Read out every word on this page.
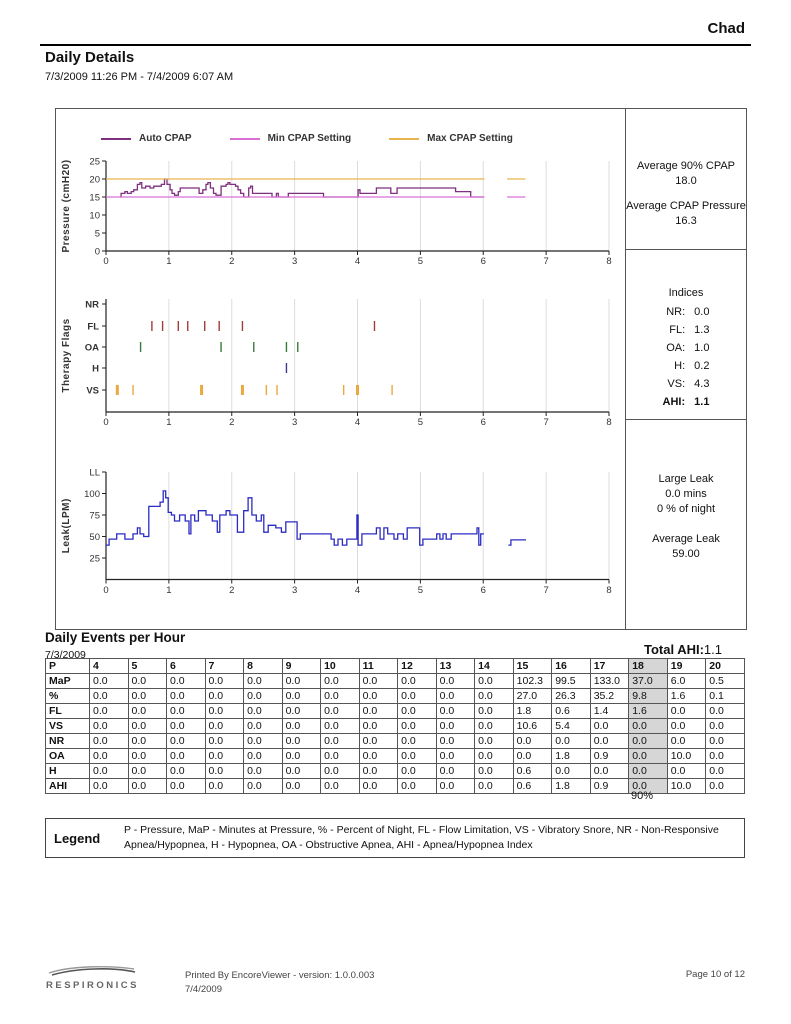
Chad
Daily Details
7/3/2009 11:26 PM - 7/4/2009 6:07 AM
Auto CPAP	Min CPAP Setting	Max CPAP Setting
0
5
10
15
20
25
0	1	2	3	4	5	6	7	8
Pressure (cmH20)
0	1	2	3	4	5	6	7	8
NR
FL
OA
H
VS
Therapy Flags
25
50
75
100
LL
0	1	2	3	4	5	6	7	8
Leak(LPM)
Average 90% CPAP
18.0
Average CPAP Pressure
16.3
Indices
NR: 0.0
FL: 1.3
OA: 1.0
H: 0.2
VS: 4.3
AHI: 1.1
Large Leak
0.0 mins
0 % of night
Average Leak
59.00
Daily Events per Hour
7/3/2009	Total AHI:1.1
P	4	5	6	7	8	9	10	11	12	13	14	15	16	17	18	19	20
MaP	0.0	0.0	0.0	0.0	0.0	0.0	0.0	0.0	0.0	0.0	0.0	102.3	99.5	133.0	37.0	6.0	0.5
%	0.0	0.0	0.0	0.0	0.0	0.0	0.0	0.0	0.0	0.0	0.0	27.0	26.3	35.2	9.8	1.6	0.1
FL	0.0	0.0	0.0	0.0	0.0	0.0	0.0	0.0	0.0	0.0	0.0	1.8	0.6	1.4	1.6	0.0	0.0
VS	0.0	0.0	0.0	0.0	0.0	0.0	0.0	0.0	0.0	0.0	0.0	10.6	5.4	0.0	0.0	0.0	0.0
NR	0.0	0.0	0.0	0.0	0.0	0.0	0.0	0.0	0.0	0.0	0.0	0.0	0.0	0.0	0.0	0.0	0.0
OA	0.0	0.0	0.0	0.0	0.0	0.0	0.0	0.0	0.0	0.0	0.0	0.0	1.8	0.9	0.0	10.0	0.0
H	0.0	0.0	0.0	0.0	0.0	0.0	0.0	0.0	0.0	0.0	0.0	0.6	0.0	0.0	0.0	0.0	0.0
AHI	0.0	0.0	0.0	0.0	0.0	0.0	0.0	0.0	0.0	0.0	0.0	0.6	1.8	0.9	0.0	10.0	0.0
90%
Legend
P - Pressure, MaP - Minutes at Pressure, % - Percent of Night, FL - Flow Limitation, VS - Vibratory Snore, NR - Non-Responsive Apnea/Hypopnea, H - Hypopnea, OA - Obstructive Apnea, AHI - Apnea/Hypopnea Index
RESPIRONICS
Printed By EncoreViewer - version: 1.0.0.003
7/4/2009
Page 10 of 12
